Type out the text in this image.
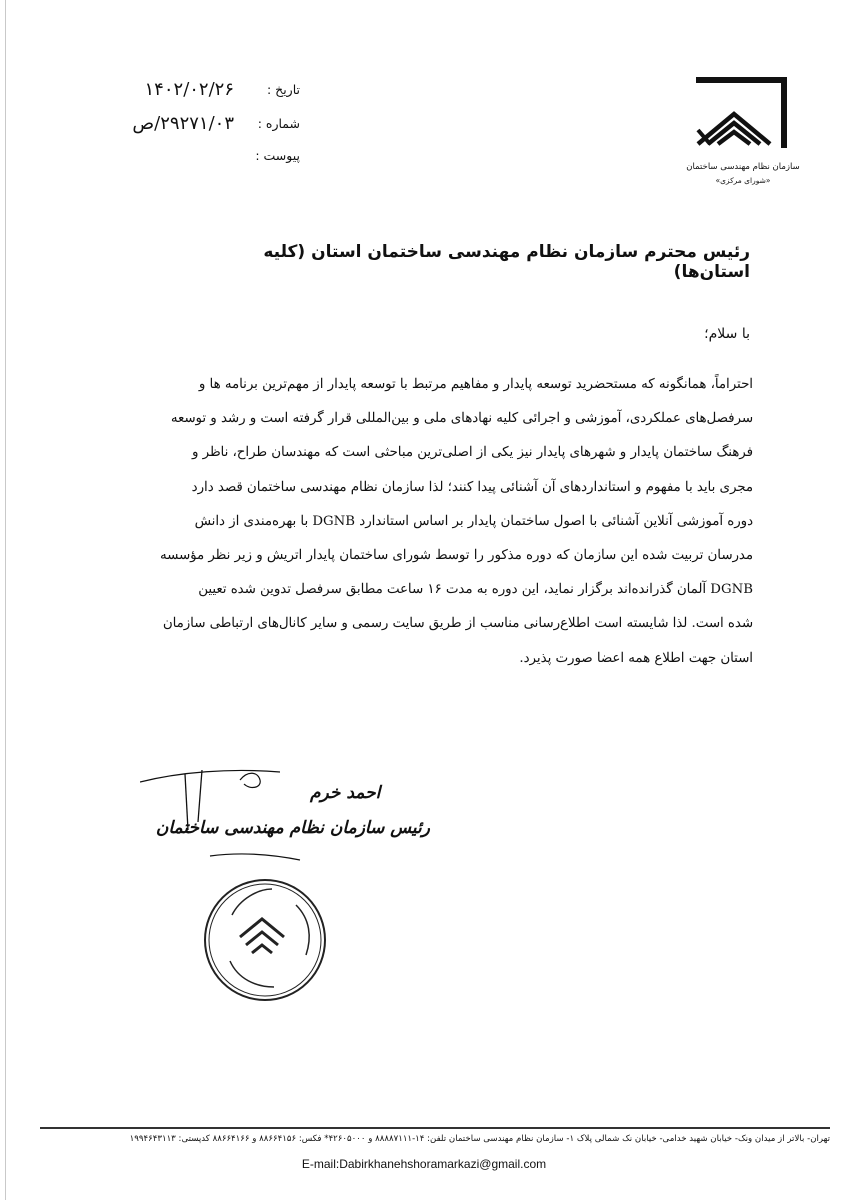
سازمان نظام مهندسی ساختمان
«شورای مرکزی»
تاریخ :
۱۴۰۲/۰۲/۲۶
شماره :
۲۹۲۷۱/۰۳/ص
پیوست :
رئیس محترم سازمان نظام مهندسی ساختمان استان (کلیه استان‌ها)
با سلام؛
احتراماً، همانگونه که مستحضرید توسعه پایدار و مفاهیم مرتبط با توسعه پایدار از مهم‌ترین برنامه ها و
سرفصل‌های عملکردی، آموزشی و اجرائی کلیه نهادهای ملی و بین‌المللی قرار گرفته است و رشد و توسعه
فرهنگ ساختمان پایدار و شهرهای پایدار نیز یکی از اصلی‌ترین مباحثی است که مهندسان طراح، ناظر و
مجری باید با مفهوم و استانداردهای آن آشنائی پیدا کنند؛ لذا سازمان نظام مهندسی ساختمان قصد دارد
دوره آموزشی آنلاین آشنائی با اصول ساختمان پایدار بر اساس استاندارد DGNB با بهره‌مندی از دانش
مدرسان تربیت شده این سازمان که دوره مذکور را توسط شورای ساختمان پایدار اتریش و زیر نظر مؤسسه
DGNB آلمان گذرانده‌اند برگزار نماید، این دوره به مدت ۱۶ ساعت مطابق سرفصل تدوین شده تعیین
شده است. لذا شایسته است اطلاع‌رسانی مناسب از طریق سایت رسمی و سایر کانال‌های ارتباطی سازمان
استان جهت اطلاع همه اعضا صورت پذیرد.
احمد خرم
رئیس سازمان نظام مهندسی ساختمان
تهران- بالاتر از میدان ونک- خیابان شهید خدامی- خیابان نک شمالی پلاک ۱- سازمان نظام مهندسی ساختمان تلفن: ۱۴-۸۸۸۸۷۱۱۱ و ۴۲۶۰۵۰۰۰* فکس: ۸۸۶۶۴۱۵۶ و ۸۸۶۶۴۱۶۶ کدپستی: ۱۹۹۴۶۴۳۱۱۳
E-mail:Dabirkhanehshoramarkazi@gmail.com
